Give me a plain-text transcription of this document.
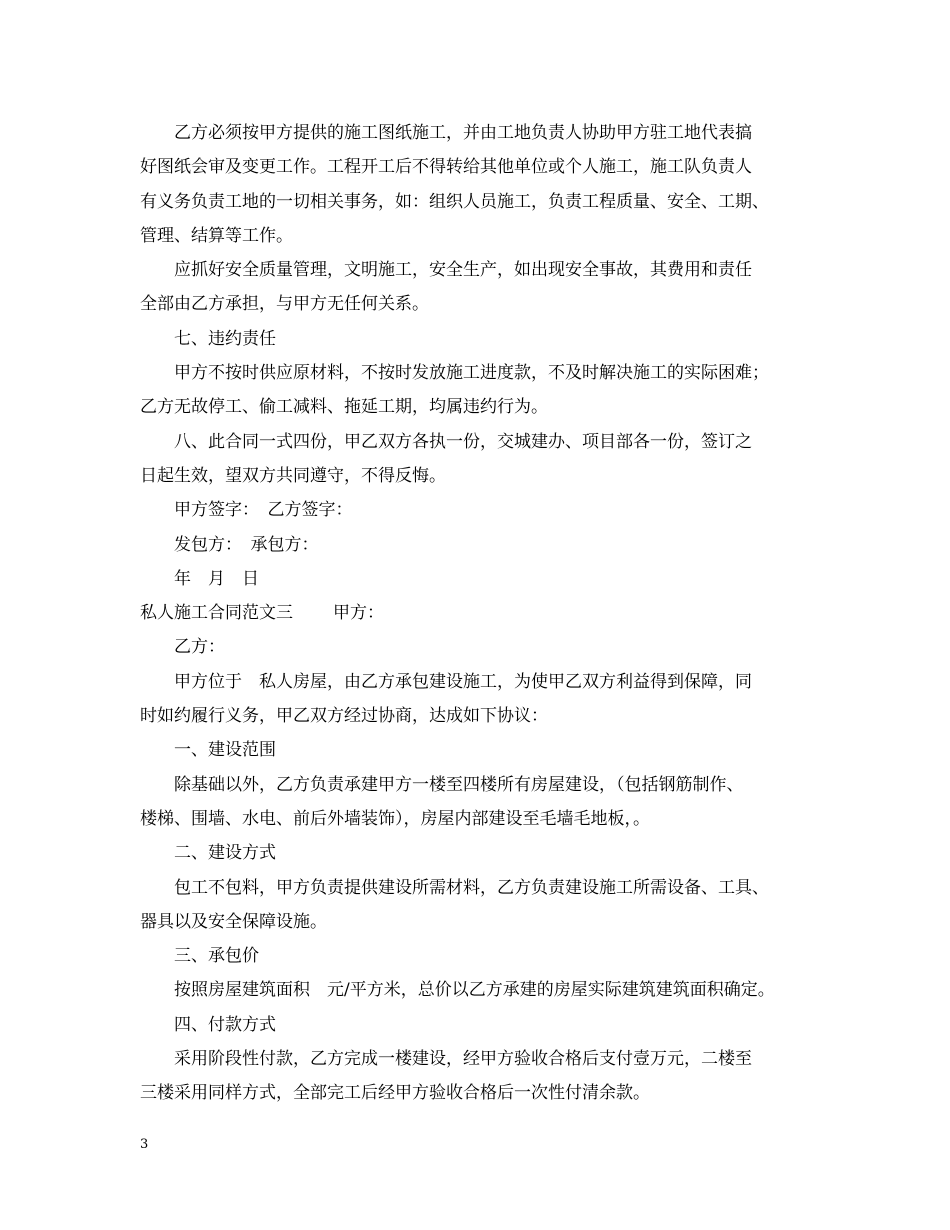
乙方必须按甲方提供的施工图纸施工，并由工地负责人协助甲方驻工地代表搞
好图纸会审及变更工作。工程开工后不得转给其他单位或个人施工，施工队负责人
有义务负责工地的一切相关事务，如：组织人员施工，负责工程质量、安全、工期、
管理、结算等工作。
应抓好安全质量管理，文明施工，安全生产，如出现安全事故，其费用和责任
全部由乙方承担，与甲方无任何关系。
七、违约责任
甲方不按时供应原材料，不按时发放施工进度款，不及时解决施工的实际困难；
乙方无故停工、偷工减料、拖延工期，均属违约行为。
八、此合同一式四份，甲乙双方各执一份，交城建办、项目部各一份，签订之
日起生效，望双方共同遵守，不得反悔。
甲方签字：　乙方签字：
发包方：　承包方：
年　月　日
私人施工合同范文三 甲方：
乙方：
甲方位于　私人房屋，由乙方承包建设施工，为使甲乙双方利益得到保障，同
时如约履行义务，甲乙双方经过协商，达成如下协议：
一、建设范围
除基础以外，乙方负责承建甲方一楼至四楼所有房屋建设，（包括钢筋制作、
楼梯、围墙、水电、前后外墙装饰），房屋内部建设至毛墙毛地板，。
二、建设方式
包工不包料，甲方负责提供建设所需材料，乙方负责建设施工所需设备、工具、
器具以及安全保障设施。
三、承包价
按照房屋建筑面积　元/平方米，总价以乙方承建的房屋实际建筑建筑面积确定。
四、付款方式
采用阶段性付款，乙方完成一楼建设，经甲方验收合格后支付壹万元，二楼至
三楼采用同样方式，全部完工后经甲方验收合格后一次性付清余款。
3
